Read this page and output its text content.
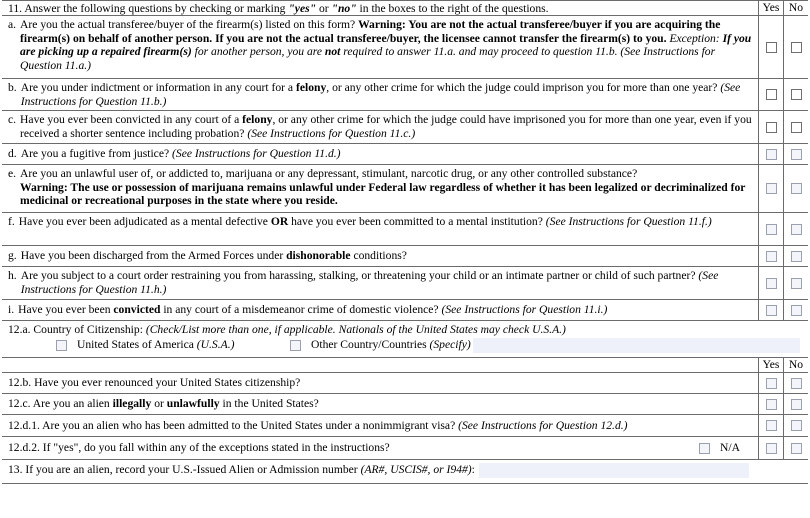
11. Answer the following questions by checking or marking "yes" or "no" in the boxes to the right of the questions.	Yes No
a. Are you the actual transferee/buyer of the firearm(s) listed on this form? Warning: You are not the actual transferee/buyer if you are acquiring the firearm(s) on behalf of another person. If you are not the actual transferee/buyer, the licensee cannot transfer the firearm(s) to you. Exception: If you are picking up a repaired firearm(s) for another person, you are not required to answer 11.a. and may proceed to question 11.b. (See Instructions for Question 11.a.)
b. Are you under indictment or information in any court for a felony, or any other crime for which the judge could imprison you for more than one year? (See Instructions for Question 11.b.)
c. Have you ever been convicted in any court of a felony, or any other crime for which the judge could have imprisoned you for more than one year, even if you received a shorter sentence including probation? (See Instructions for Question 11.c.)
d. Are you a fugitive from justice? (See Instructions for Question 11.d.)
e. Are you an unlawful user of, or addicted to, marijuana or any depressant, stimulant, narcotic drug, or any other controlled substance?
Warning: The use or possession of marijuana remains unlawful under Federal law regardless of whether it has been legalized or decriminalized for medicinal or recreational purposes in the state where you reside.
f. Have you ever been adjudicated as a mental defective OR have you ever been committed to a mental institution? (See Instructions for Question 11.f.)
g. Have you been discharged from the Armed Forces under dishonorable conditions?
h. Are you subject to a court order restraining you from harassing, stalking, or threatening your child or an intimate partner or child of such partner? (See Instructions for Question 11.h.)
i. Have you ever been convicted in any court of a misdemeanor crime of domestic violence? (See Instructions for Question 11.i.)
12.a. Country of Citizenship: (Check/List more than one, if applicable. Nationals of the United States may check U.S.A.)
United States of America (U.S.A.)	Other Country/Countries (Specify)
Yes No
12.b. Have you ever renounced your United States citizenship?
12.c. Are you an alien illegally or unlawfully in the United States?
12.d.1. Are you an alien who has been admitted to the United States under a nonimmigrant visa? (See Instructions for Question 12.d.)
12.d.2. If "yes", do you fall within any of the exceptions stated in the instructions?	N/A
13. If you are an alien, record your U.S.-Issued Alien or Admission number (AR#, USCIS#, or I94#):
